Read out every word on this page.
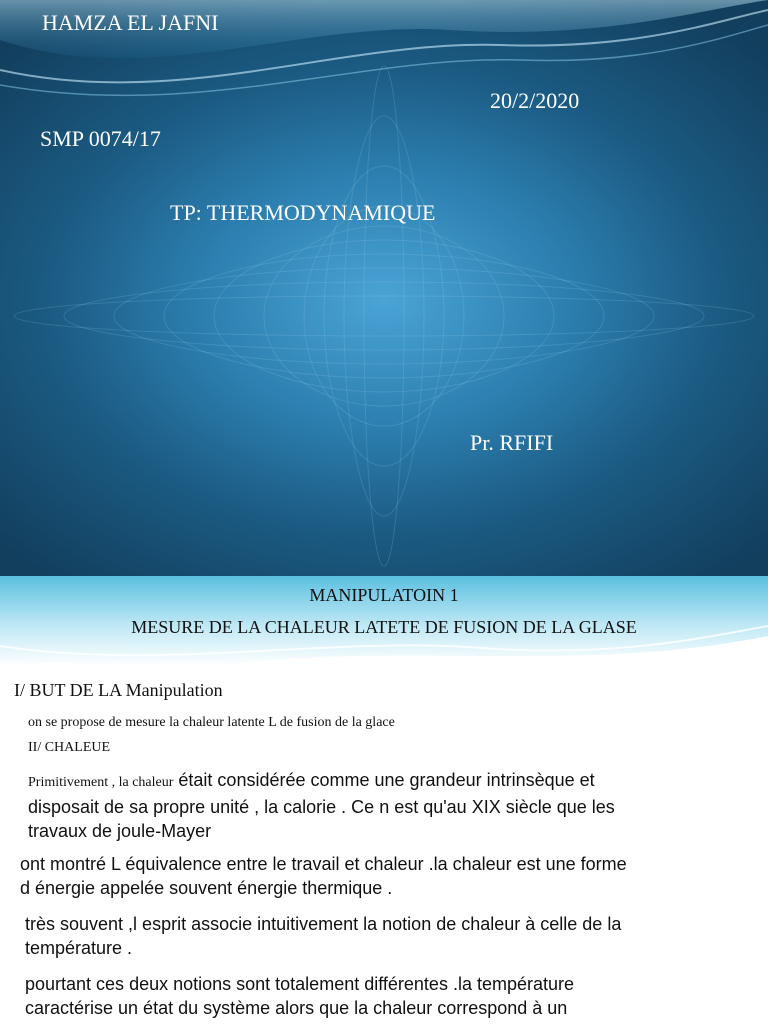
HAMZA EL JAFNI
20/2/2020
SMP 0074/17
TP: THERMODYNAMIQUE
Pr. RFIFI
MANIPULATOIN 1
MESURE DE LA CHALEUR LATETE DE FUSION DE LA GLASE
I/ BUT DE LA Manipulation
on se propose de mesure la chaleur latente L de fusion de la glace
II/ CHALEUE
Primitivement , la chaleur était considérée comme une grandeur intrinsèque et
disposait de sa propre unité , la calorie . Ce n est qu'au XIX siècle que les
travaux de joule-Mayer
ont montré L équivalence entre le travail et chaleur .la chaleur est une forme
d énergie appelée souvent énergie thermique .
très souvent ,l esprit associe intuitivement la notion de chaleur à celle de la
température .
pourtant ces deux notions sont totalement différentes .la température
caractérise un état du système alors que la chaleur correspond à un
